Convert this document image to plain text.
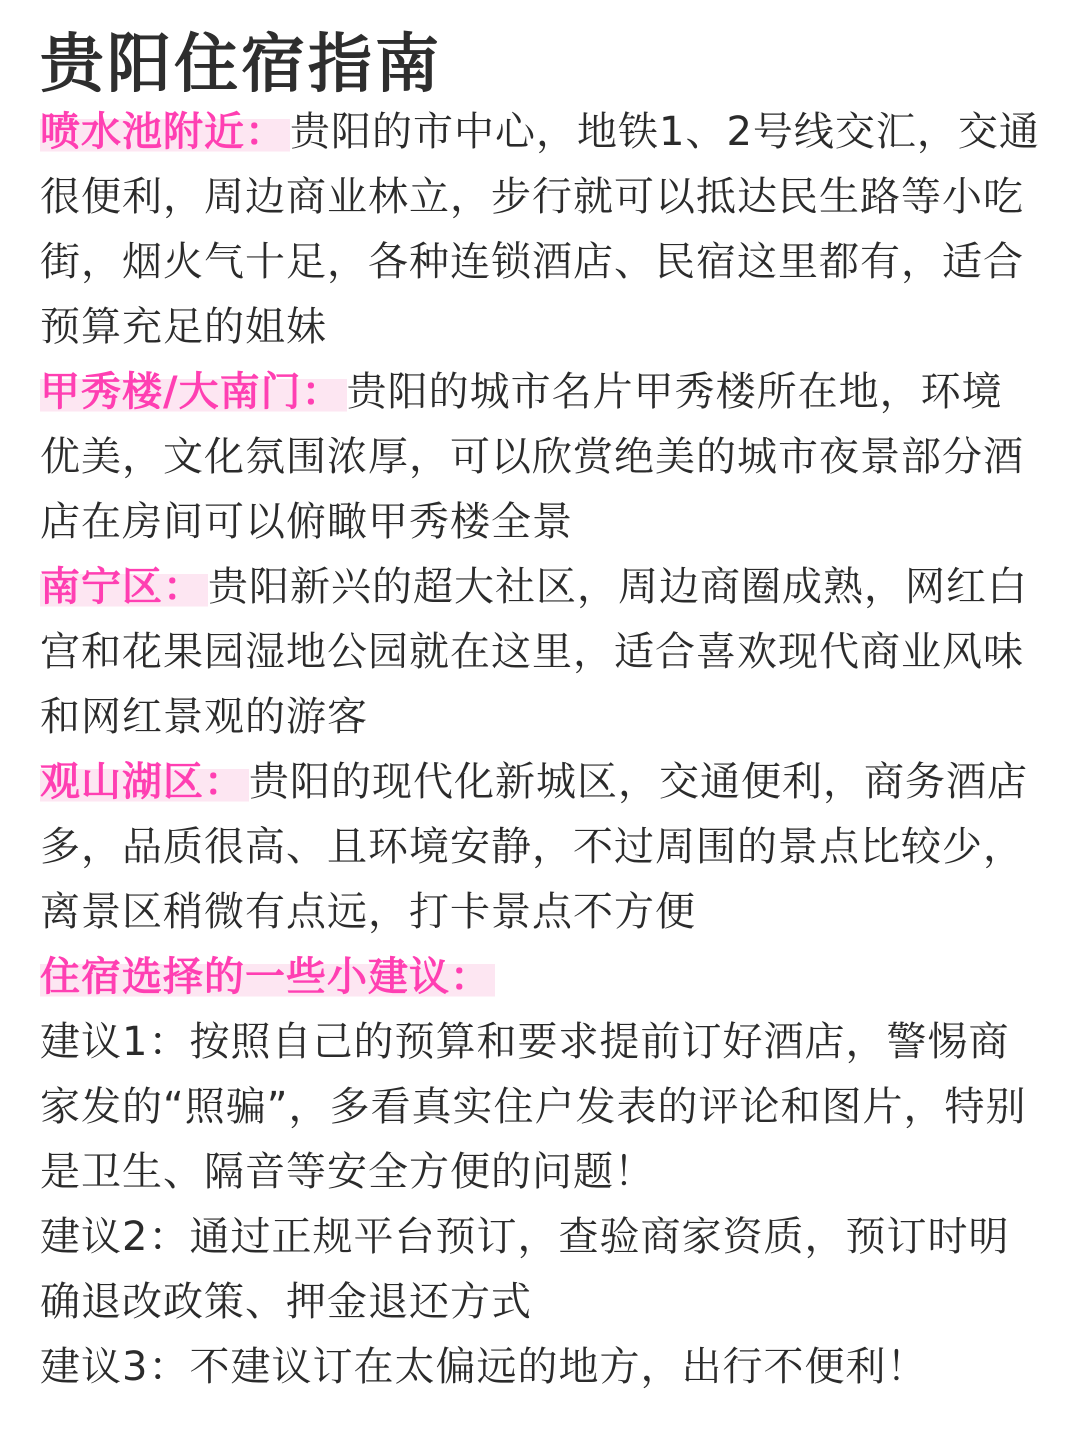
贵阳住宿指南

喷水池附近： 贵阳的市中心，地铁1、2号线交汇，交通很便利，周边商业林立，步行就可以抵达民生路等小吃街，烟火气十足，各种连锁酒店、民宿这里都有，适合预算充足的姐妹

甲秀楼/大南门： 贵阳的城市名片甲秀楼所在地，环境优美，文化氛围浓厚，可以欣赏绝美的城市夜景部分酒店在房间可以俯瞰甲秀楼全景

南宁区： 贵阳新兴的超大社区，周边商圈成熟，网红白宫和花果园湿地公园就在这里，适合喜欢现代商业风味和网红景观的游客

观山湖区： 贵阳的现代化新城区，交通便利，商务酒店多，品质很高、且环境安静，不过周围的景点比较少，离景区稍微有点远，打卡景点不方便

住宿选择的一些小建议：

建议1：按照自己的预算和要求提前订好酒店，警惕商家发的“照骗”，多看真实住户发表的评论和图片，特别是卫生、隔音等安全方便的问题！

建议2：通过正规平台预订，查验商家资质，预订时明确退改政策、押金退还方式

建议3：不建议订在太偏远的地方，出行不便利！
